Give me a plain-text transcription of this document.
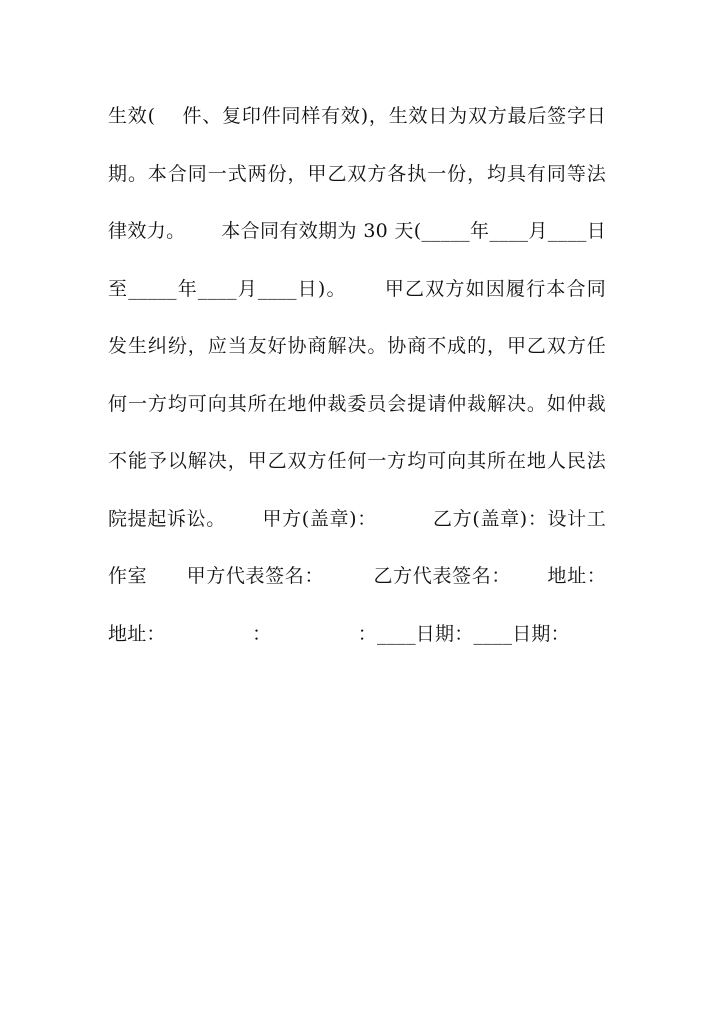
生效(　 件、复印件同样有效)，生效日为双方最后签字日
期。本合同一式两份，甲乙双方各执一份，均具有同等法
律效力。　　 本合同有效期为 30 天(_____年____月____日
至_____年____月____日)。　　 甲乙双方如因履行本合同
发生纠纷，应当友好协商解决。协商不成的，甲乙双方任
何一方均可向其所在地仲裁委员会提请仲裁解决。如仲裁
不能予以解决，甲乙双方任何一方均可向其所在地人民法
院提起诉讼。　　 甲方(盖章)：　　　 乙方(盖章)：设计工
作室　　甲方代表签名：　　　乙方代表签名：　　 地址：
地址：　　　　　：　　　　　：____日期：____日期：
